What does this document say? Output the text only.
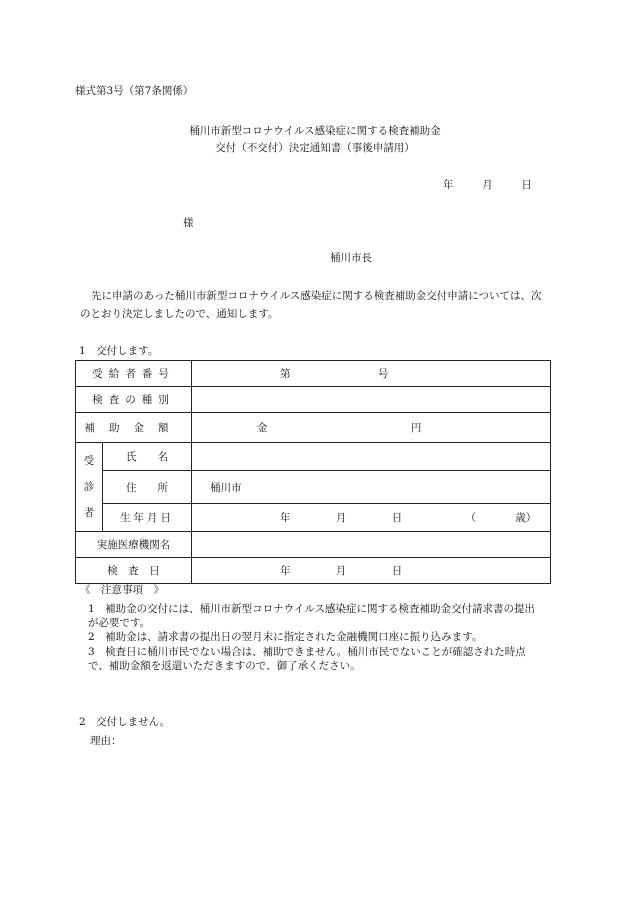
様式第3号（第7条関係）
桶川市新型コロナウイルス感染症に関する検査補助金
交付（不交付）決定通知書（事後申請用）
年	月	日
様
桶川市長
先に申請のあった桶川市新型コロナウイルス感染症に関する検査補助金交付申請については、次のとおり決定しましたので、通知します。
1　交付します。
受給者番号		第 号
検査の種別		
補助金額		金 円

受
診
者	氏　　名	
	住　　所	桶川市
	生年月日	年 月 日 （ 歳）
実施医療機関名		
検　査　日		年 月 日
《　注意事項　》
1　補助金の交付には、桶川市新型コロナウイルス感染症に関する検査補助金交付請求書の提出が必要です。
2　補助金は、請求書の提出日の翌月末に指定された金融機関口座に振り込みます。
3　検査日に桶川市民でない場合は、補助できません。桶川市民でないことが確認された時点で、補助金額を返還いただきますので、御了承ください。
2　交付しません。
理由：
